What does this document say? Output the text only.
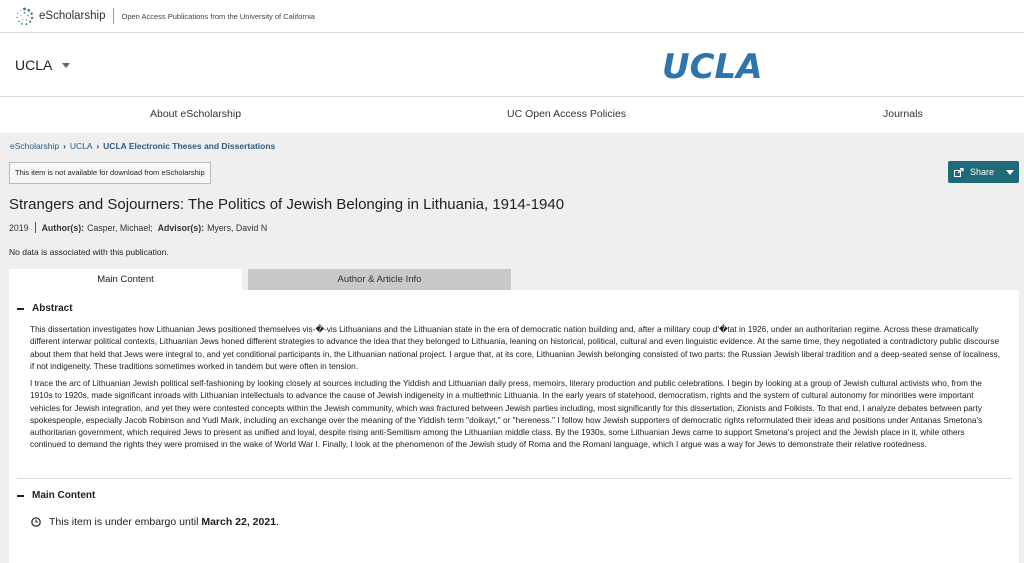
eScholarship Open Access Publications from the University of California
UCLA	UCLA
About eScholarship	UC Open Access Policies	Journals
eScholarship › UCLA › UCLA Electronic Theses and Dissertations
This item is not available for download from eScholarship	Share
Strangers and Sojourners: The Politics of Jewish Belonging in Lithuania, 1914-1940
2019 Author(s): Casper, Michael; Advisor(s): Myers, David N
No data is associated with this publication.
Main Content	Author & Article Info
Abstract

This dissertation investigates how Lithuanian Jews positioned themselves vis-�-vis Lithuanians and the Lithuanian state in the era of democratic nation building and, after a military coup d'�tat in 1926, under an authoritarian regime. Across these dramatically different interwar political contexts, Lithuanian Jews honed different strategies to advance the idea that they belonged to Lithuania, leaning on historical, political, cultural and even linguistic evidence. At the same time, they negotiated a contradictory public discourse about them that held that Jews were integral to, and yet conditional participants in, the Lithuanian national project. I argue that, at its core, Lithuanian Jewish belonging consisted of two parts: the Russian Jewish liberal tradition and a deep-seated sense of localness, if not indigeneity. These traditions sometimes worked in tandem but were often in tension.

I trace the arc of Lithuanian Jewish political self-fashioning by looking closely at sources including the Yiddish and Lithuanian daily press, memoirs, literary production and public celebrations. I begin by looking at a group of Jewish cultural activists who, from the 1910s to 1920s, made significant inroads with Lithuanian intellectuals to advance the cause of Jewish indigeneity in a multiethnic Lithuania. In the early years of statehood, democratism, rights and the system of cultural autonomy for minorities were important vehicles for Jewish integration, and yet they were contested concepts within the Jewish community, which was fractured between Jewish parties including, most significantly for this dissertation, Zionists and Folkists. To that end, I analyze debates between party spokespeople, especially Jacob Robinson and Yudl Mark, including an exchange over the meaning of the Yiddish term "doikayt," or "hereness." I follow how Jewish supporters of democratic rights reformulated their ideas and positions under Antanas Smetona's authoritarian government, which required Jews to present as unified and loyal, despite rising anti-Semitism among the Lithuanian middle class. By the 1930s, some Lithuanian Jews came to support Smetona's project and the Jewish place in it, while others continued to demand the rights they were promised in the wake of World War I. Finally, I look at the phenomenon of the Jewish study of Roma and the Romani language, which I argue was a way for Jews to demonstrate their relative rootedness.

Main Content
This item is under embargo until March 22, 2021.
